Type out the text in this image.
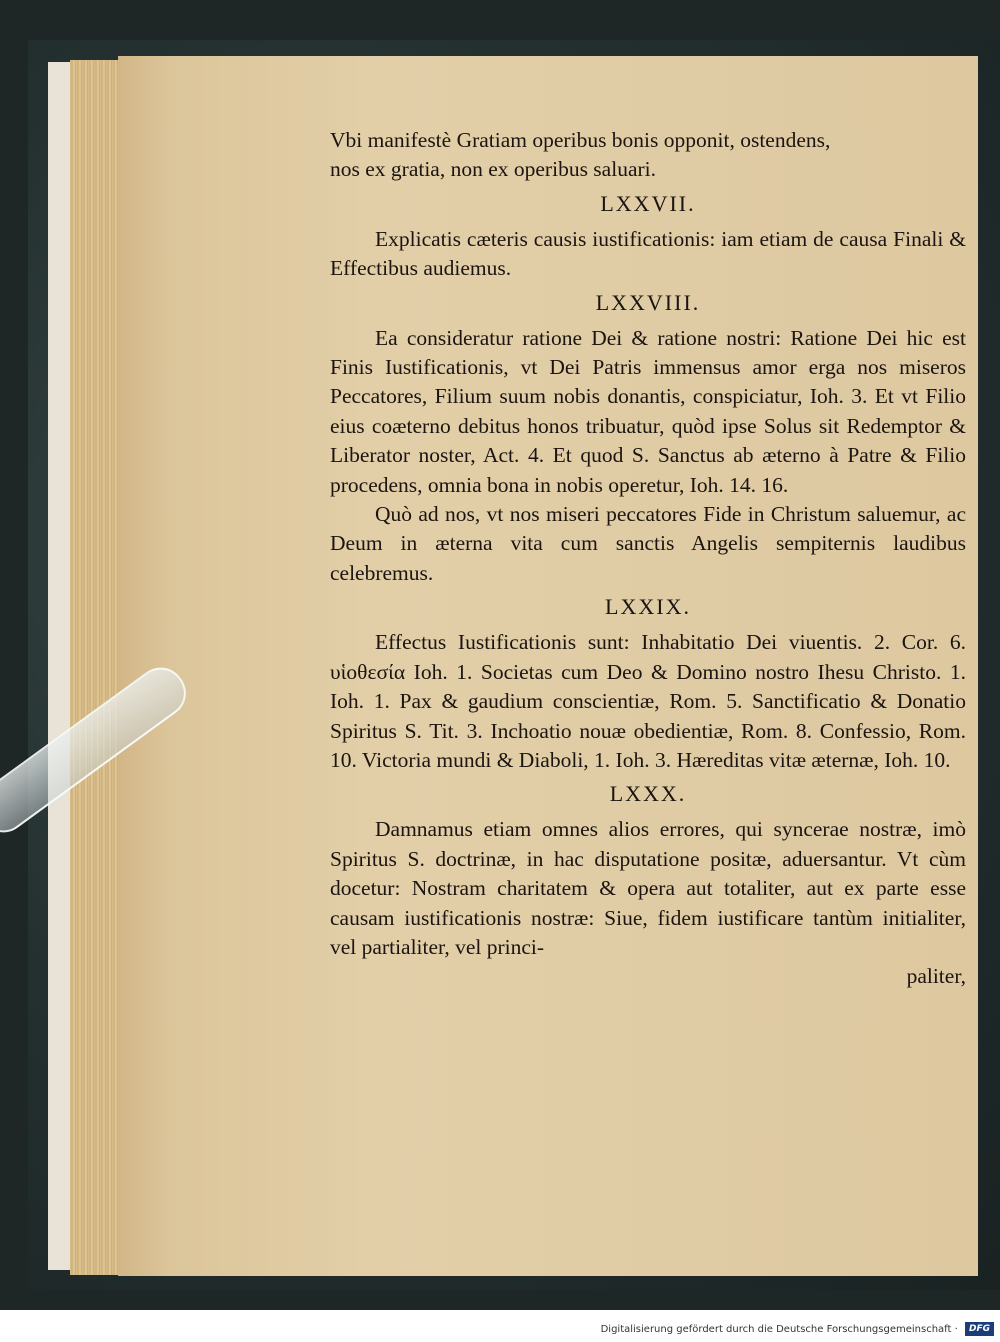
Vbi manifestè Gratiam operibus bonis opponit, ostendens,

nos ex gratia, non ex operibus saluari.

LXXVII.

Explicatis cæteris causis iustificationis: iam etiam de causa Finali & Effectibus audiemus.

LXXVIII.

Ea consideratur ratione Dei & ratione nostri: Ratione Dei hic est Finis Iustificationis, vt Dei Patris immensus amor erga nos miseros Peccatores, Filium suum nobis donantis, conspiciatur, Ioh. 3. Et vt Filio eius coæterno debitus honos tribuatur, quòd ipse Solus sit Redemptor & Liberator noster, Act. 4. Et quod S. Sanctus ab æterno à Patre & Filio procedens, omnia bona in nobis operetur, Ioh. 14. 16.

Quò ad nos, vt nos miseri peccatores Fide in Christum saluemur, ac Deum in æterna vita cum sanctis Angelis sempiternis laudibus celebremus.

LXXIX.

Effectus Iustificationis sunt: Inhabitatio Dei viuentis. 2. Cor. 6. υἱοθεσία Ioh. 1. Societas cum Deo & Domino nostro Ihesu Christo. 1. Ioh. 1. Pax & gaudium conscientiæ, Rom. 5. Sanctificatio & Donatio Spiritus S. Tit. 3. Inchoatio nouæ obedientiæ, Rom. 8. Confessio, Rom. 10. Victoria mundi & Diaboli, 1. Ioh. 3. Hæreditas vitæ æternæ, Ioh. 10.

LXXX.

Damnamus etiam omnes alios errores, qui syncerae nostræ, imò Spiritus S. doctrinæ, in hac disputatione positæ, aduersantur. Vt cùm docetur: Nostram charitatem & opera aut totaliter, aut ex parte esse causam iustificationis nostræ: Siue, fidem iustificare tantùm initialiter, vel partialiter, vel princi-

paliter,

Digitalisierung gefördert durch die Deutsche Forschungsgemeinschaft · DFG
